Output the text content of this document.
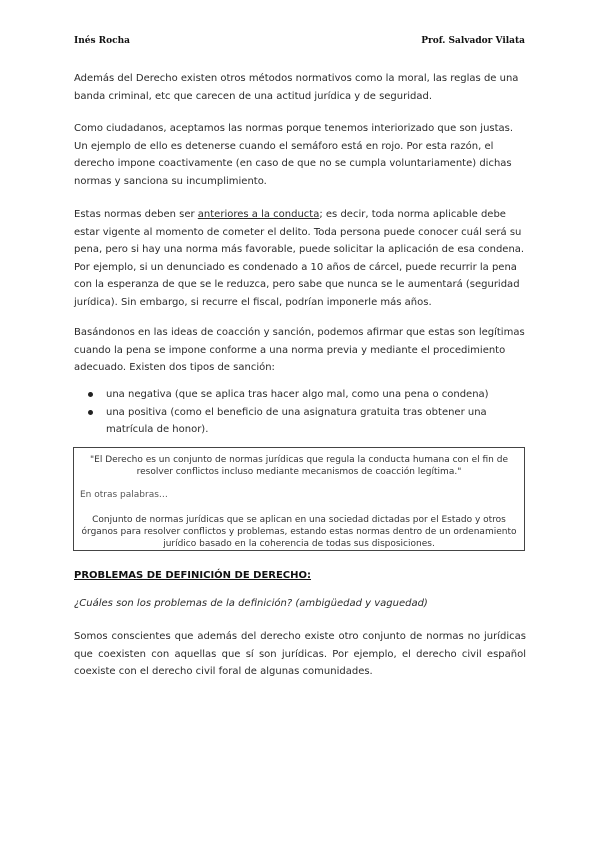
Inés Rocha	Prof. Salvador Vilata
Además del Derecho existen otros métodos normativos como la moral, las reglas de una banda criminal, etc que carecen de una actitud jurídica y de seguridad.
Como ciudadanos, aceptamos las normas porque tenemos interiorizado que son justas. Un ejemplo de ello es detenerse cuando el semáforo está en rojo. Por esta razón, el derecho impone coactivamente (en caso de que no se cumpla voluntariamente) dichas normas y sanciona su incumplimiento.
Estas normas deben ser anteriores a la conducta; es decir, toda norma aplicable debe estar vigente al momento de cometer el delito. Toda persona puede conocer cuál será su pena, pero si hay una norma más favorable, puede solicitar la aplicación de esa condena. Por ejemplo, si un denunciado es condenado a 10 años de cárcel, puede recurrir la pena con la esperanza de que se le reduzca, pero sabe que nunca se le aumentará (seguridad jurídica). Sin embargo, si recurre el fiscal, podrían imponerle más años.
Basándonos en las ideas de coacción y sanción, podemos afirmar que estas son legítimas cuando la pena se impone conforme a una norma previa y mediante el procedimiento adecuado. Existen dos tipos de sanción:
una negativa (que se aplica tras hacer algo mal, como una pena o condena)
una positiva (como el beneficio de una asignatura gratuita tras obtener una matrícula de honor).
"El Derecho es un conjunto de normas jurídicas que regula la conducta humana con el fin de resolver conflictos incluso mediante mecanismos de coacción legítima."
En otras palabras…
Conjunto de normas jurídicas que se aplican en una sociedad dictadas por el Estado y otros órganos para resolver conflictos y problemas, estando estas normas dentro de un ordenamiento jurídico basado en la coherencia de todas sus disposiciones.
PROBLEMAS DE DEFINICIÓN DE DERECHO:
¿Cuáles son los problemas de la definición? (ambigüedad y vaguedad)
Somos conscientes que además del derecho existe otro conjunto de normas no jurídicas que coexisten con aquellas que sí son jurídicas. Por ejemplo, el derecho civil español coexiste con el derecho civil foral de algunas comunidades.
